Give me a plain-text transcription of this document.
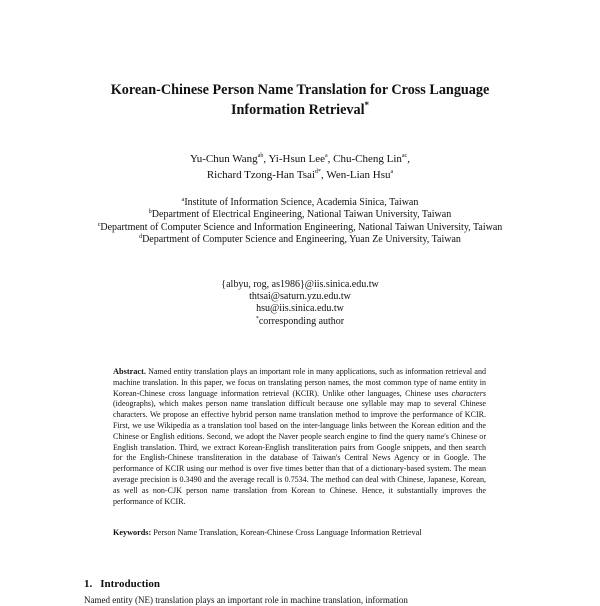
Korean-Chinese Person Name Translation for Cross Language
Information Retrieval*
Yu-Chun Wang$^{ab}$, Yi-Hsun Lee$^a$, Chu-Cheng Lin$^{ac}$,
Richard Tzong-Han Tsai$^{d*}$, Wen-Lian Hsu$^a$
$^a$Institute of Information Science, Academia Sinica, Taiwan
$^b$Department of Electrical Engineering, National Taiwan University, Taiwan
$^c$Department of Computer Science and Information Engineering, National Taiwan University, Taiwan
$^d$Department of Computer Science and Engineering, Yuan Ze University, Taiwan
{albyu, rog, as1986}@iis.sinica.edu.tw
thtsai@saturn.yzu.edu.tw
hsu@iis.sinica.edu.tw
*corresponding author

Abstract. Named entity translation plays an important role in many applications, such as information retrieval and machine translation. In this paper, we focus on translating person names, the most common type of name entity in Korean-Chinese cross language information retrieval (KCIR). Unlike other languages, Chinese uses characters (ideographs), which makes person name translation difficult because one syllable may map to several Chinese characters. We propose an effective hybrid person name translation method to improve the performance of KCIR. First, we use Wikipedia as a translation tool based on the inter-language links between the Korean edition and the Chinese or English editions. Second, we adopt the Naver people search engine to find the query name's Chinese or English translation. Third, we extract Korean-English transliteration pairs from Google snippets, and then search for the English-Chinese transliteration in the database of Taiwan's Central News Agency or in Google. The performance of KCIR using our method is over five times better than that of a dictionary-based system. The mean average precision is 0.3490 and the average recall is 0.7534. The method can deal with Chinese, Japanese, Korean, as well as non-CJK person name translation from Korean to Chinese. Hence, it substantially improves the performance of KCIR.

Keywords: Person Name Translation, Korean-Chinese Cross Language Information Retrieval

1. Introduction

Named entity (NE) translation plays an important role in machine translation, information
